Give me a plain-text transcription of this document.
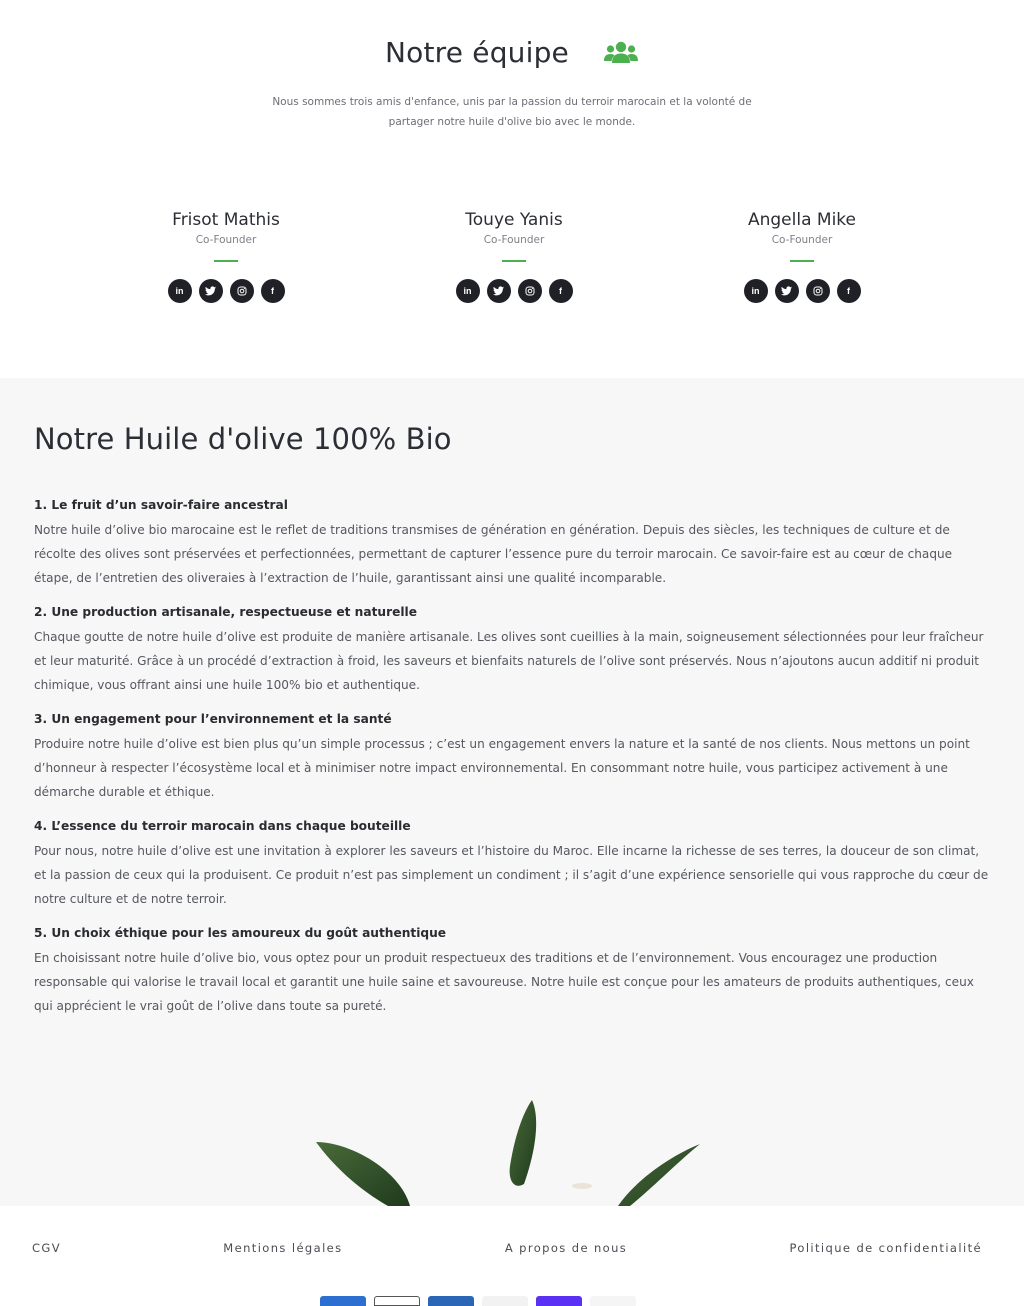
Notre équipe

Nous sommes trois amis d'enfance, unis par la passion du terroir marocain et la volonté de partager notre huile d'olive bio avec le monde.

Frisot Mathis
Co-Founder
in	f
Touye Yanis
Co-Founder
in	f
Angella Mike
Co-Founder
in	f
Notre Huile d'olive 100% Bio
1. Le fruit d’un savoir-faire ancestral

Notre huile d’olive bio marocaine est le reflet de traditions transmises de génération en génération. Depuis des siècles, les techniques de culture et de récolte des olives sont préservées et perfectionnées, permettant de capturer l’essence pure du terroir marocain. Ce savoir-faire est au cœur de chaque étape, de l’entretien des oliveraies à l’extraction de l’huile, garantissant ainsi une qualité incomparable.

2. Une production artisanale, respectueuse et naturelle

Chaque goutte de notre huile d’olive est produite de manière artisanale. Les olives sont cueillies à la main, soigneusement sélectionnées pour leur fraîcheur et leur maturité. Grâce à un procédé d’extraction à froid, les saveurs et bienfaits naturels de l’olive sont préservés. Nous n’ajoutons aucun additif ni produit chimique, vous offrant ainsi une huile 100% bio et authentique.

3. Un engagement pour l’environnement et la santé

Produire notre huile d’olive est bien plus qu’un simple processus ; c’est un engagement envers la nature et la santé de nos clients. Nous mettons un point d’honneur à respecter l’écosystème local et à minimiser notre impact environnemental. En consommant notre huile, vous participez activement à une démarche durable et éthique.

4. L’essence du terroir marocain dans chaque bouteille

Pour nous, notre huile d’olive est une invitation à explorer les saveurs et l’histoire du Maroc. Elle incarne la richesse de ses terres, la douceur de son climat, et la passion de ceux qui la produisent. Ce produit n’est pas simplement un condiment ; il s’agit d’une expérience sensorielle qui vous rapproche du cœur de notre culture et de notre terroir.

5. Un choix éthique pour les amoureux du goût authentique

En choisissant notre huile d’olive bio, vous optez pour un produit respectueux des traditions et de l’environnement. Vous encouragez une production responsable qui valorise le travail local et garantit une huile saine et savoureuse. Notre huile est conçue pour les amateurs de produits authentiques, ceux qui apprécient le vrai goût de l’olive dans toute sa pureté.

CGV	Mentions légales	A propos de nous	Politique de confidentialité
